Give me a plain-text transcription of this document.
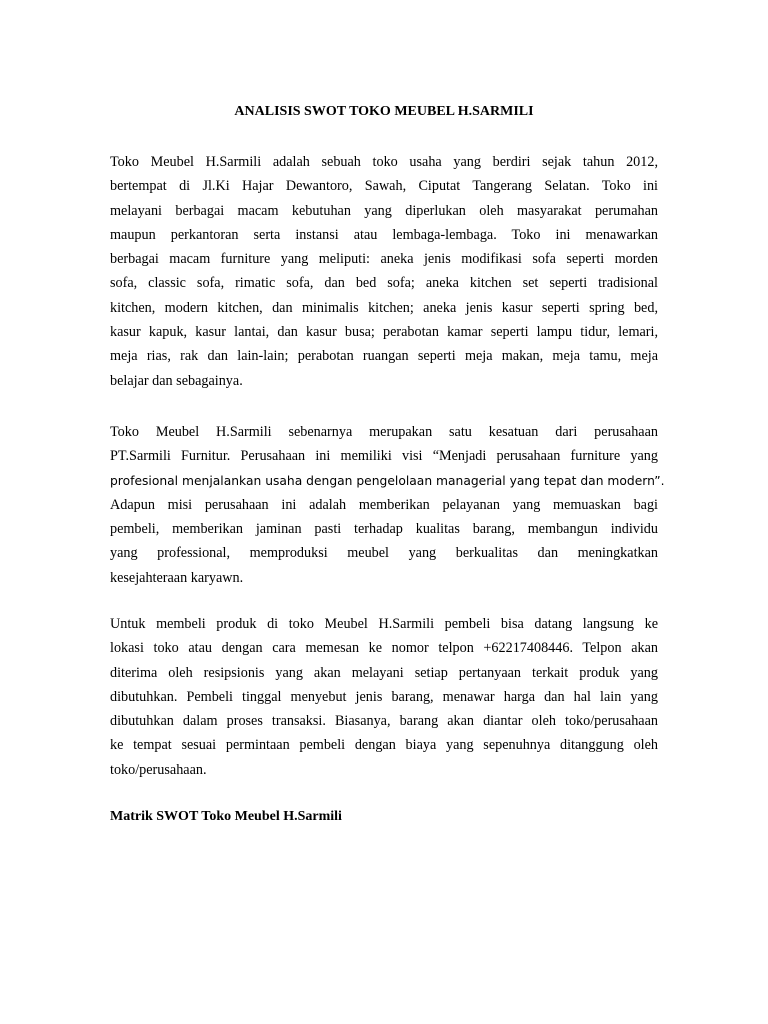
ANALISIS SWOT TOKO MEUBEL H.SARMILI
Toko Meubel H.Sarmili adalah sebuah toko usaha yang berdiri sejak tahun 2012,
bertempat di Jl.Ki Hajar Dewantoro, Sawah, Ciputat Tangerang Selatan. Toko ini
melayani berbagai macam kebutuhan yang diperlukan oleh masyarakat perumahan
maupun perkantoran serta instansi atau lembaga-lembaga. Toko ini menawarkan
berbagai macam furniture yang meliputi: aneka jenis modifikasi sofa seperti morden
sofa, classic sofa, rimatic sofa, dan bed sofa; aneka kitchen set seperti tradisional
kitchen, modern kitchen, dan minimalis kitchen; aneka jenis kasur seperti spring bed,
kasur kapuk, kasur lantai, dan kasur busa; perabotan kamar seperti lampu tidur, lemari,
meja rias, rak dan lain-lain; perabotan ruangan seperti meja makan, meja tamu, meja
belajar dan sebagainya.
Toko Meubel H.Sarmili sebenarnya merupakan satu kesatuan dari perusahaan
PT.Sarmili Furnitur. Perusahaan ini memiliki visi “Menjadi perusahaan furniture yang
profesional menjalankan usaha dengan pengelolaan managerial yang tepat dan modern”.
Adapun misi perusahaan ini adalah memberikan pelayanan yang memuaskan bagi
pembeli, memberikan jaminan pasti terhadap kualitas barang, membangun individu
yang professional, memproduksi meubel yang berkualitas dan meningkatkan
kesejahteraan karyawn.
Untuk membeli produk di toko Meubel H.Sarmili pembeli bisa datang langsung ke
lokasi toko atau dengan cara memesan ke nomor telpon +62217408446. Telpon akan
diterima oleh resipsionis yang akan melayani setiap pertanyaan terkait produk yang
dibutuhkan. Pembeli tinggal menyebut jenis barang, menawar harga dan hal lain yang
dibutuhkan dalam proses transaksi. Biasanya, barang akan diantar oleh toko/perusahaan
ke tempat sesuai permintaan pembeli dengan biaya yang sepenuhnya ditanggung oleh
toko/perusahaan.
Matrik SWOT Toko Meubel H.Sarmili
